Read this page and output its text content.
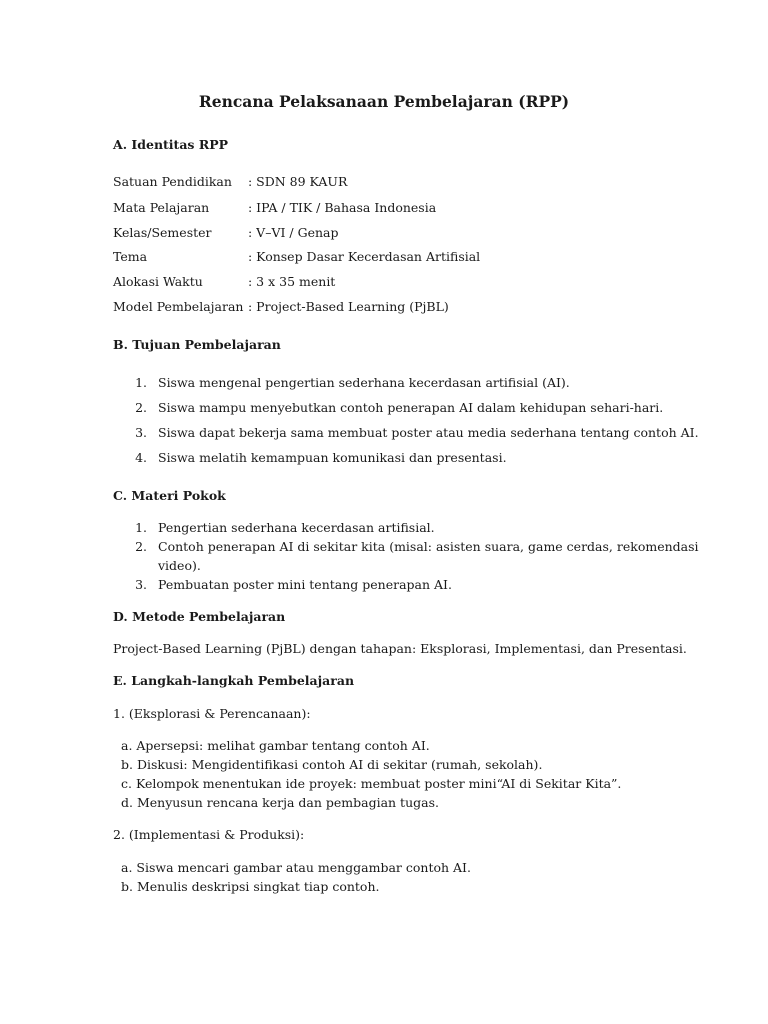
Rencana Pelaksanaan Pembelajaran (RPP)
A. Identitas RPP
Satuan Pendidikan : SDN 89 KAUR
Mata Pelajaran	: IPA / TIK / Bahasa Indonesia
Kelas/Semester	: V–VI / Genap
Tema	: Konsep Dasar Kecerdasan Artifisial
Alokasi Waktu	: 3 x 35 menit
Model Pembelajaran : Project-Based Learning (PjBL)
B. Tujuan Pembelajaran
1. Siswa mengenal pengertian sederhana kecerdasan artifisial (AI).
2. Siswa mampu menyebutkan contoh penerapan AI dalam kehidupan sehari-hari.
3. Siswa dapat bekerja sama membuat poster atau media sederhana tentang contoh AI.
4. Siswa melatih kemampuan komunikasi dan presentasi.
C. Materi Pokok
1. Pengertian sederhana kecerdasan artifisial.
2. Contoh penerapan AI di sekitar kita (misal: asisten suara, game cerdas, rekomendasi
video).
3. Pembuatan poster mini tentang penerapan AI.
D. Metode Pembelajaran
Project-Based Learning (PjBL) dengan tahapan: Eksplorasi, Implementasi, dan Presentasi.
E. Langkah-langkah Pembelajaran
1. (Eksplorasi & Perencanaan):
a. Apersepsi: melihat gambar tentang contoh AI.
b. Diskusi: Mengidentifikasi contoh AI di sekitar (rumah, sekolah).
c. Kelompok menentukan ide proyek: membuat poster mini“AI di Sekitar Kita”.
d. Menyusun rencana kerja dan pembagian tugas.
2. (Implementasi & Produksi):
a. Siswa mencari gambar atau menggambar contoh AI.
b. Menulis deskripsi singkat tiap contoh.
